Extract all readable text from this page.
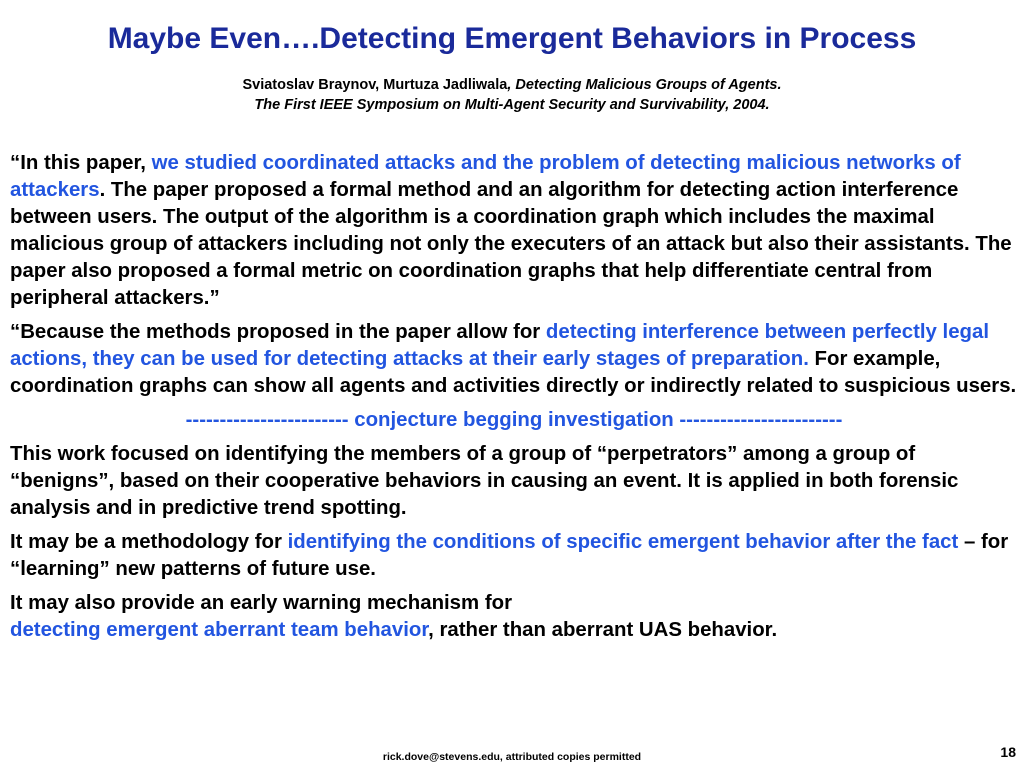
Maybe Even….Detecting Emergent Behaviors in Process
Sviatoslav Braynov, Murtuza Jadliwala, Detecting Malicious Groups of Agents.
The First IEEE Symposium on Multi-Agent Security and Survivability, 2004.

“In this paper, we studied coordinated attacks and the problem of detecting malicious networks of attackers. The paper proposed a formal method and an algorithm for detecting action interference between users. The output of the algorithm is a coordination graph which includes the maximal malicious group of attackers including not only the executers of an attack but also their assistants. The paper also proposed a formal metric on coordination graphs that help differentiate central from peripheral attackers.”

“Because the methods proposed in the paper allow for detecting interference between perfectly legal actions, they can be used for detecting attacks at their early stages of preparation. For example, coordination graphs can show all agents and activities directly or indirectly related to suspicious users.

------------------------ conjecture begging investigation ------------------------

This work focused on identifying the members of a group of “perpetrators” among a group of “benigns”, based on their cooperative behaviors in causing an event. It is applied in both forensic analysis and in predictive trend spotting.

It may be a methodology for identifying the conditions of specific emergent behavior after the fact – for “learning” new patterns of future use.

It may also provide an early warning mechanism for
detecting emergent aberrant team behavior, rather than aberrant UAS behavior.

rick.dove@stevens.edu, attributed copies permitted	18
